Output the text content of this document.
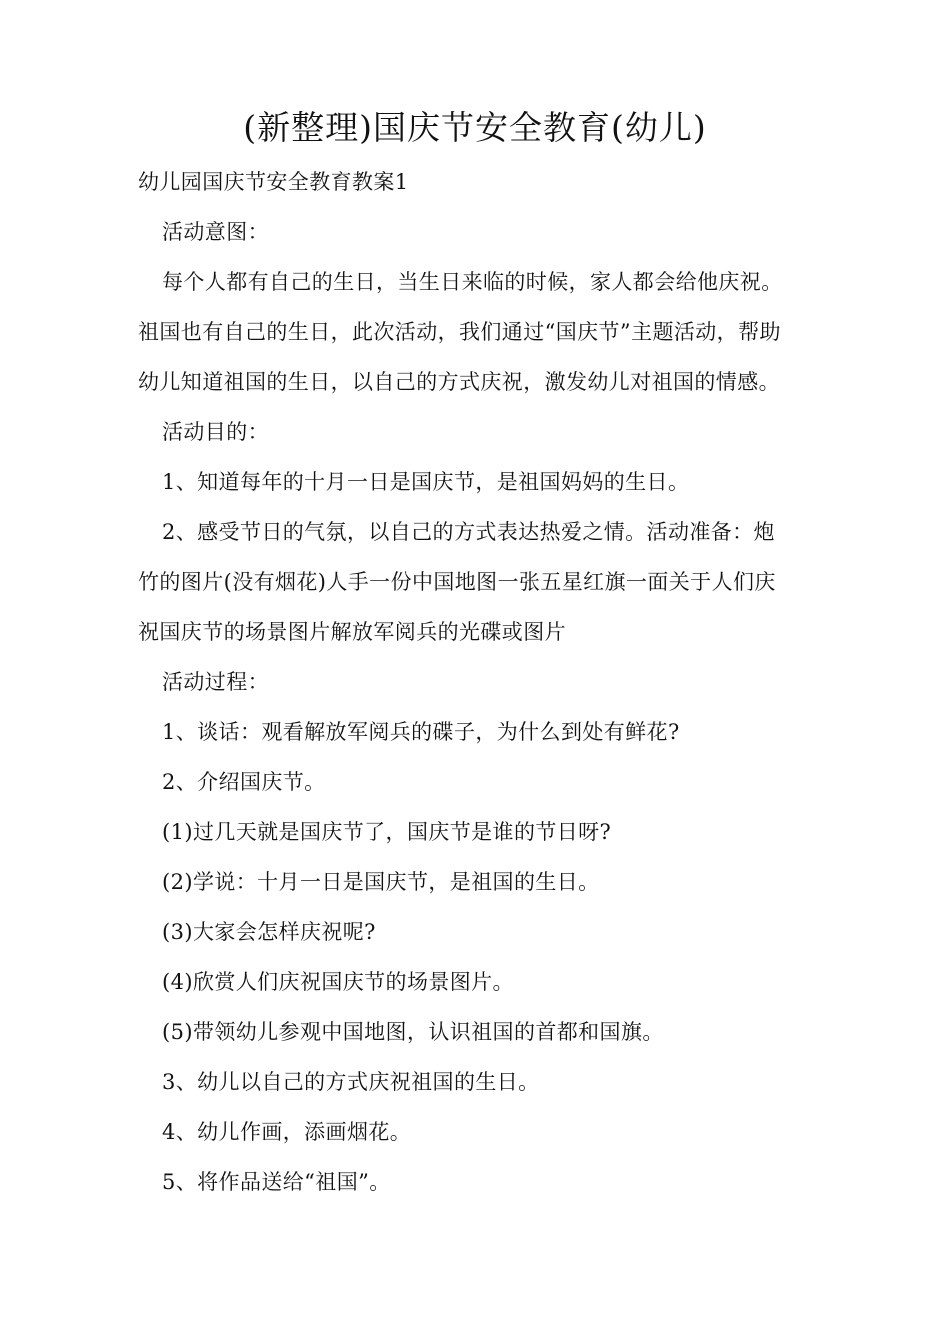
(新整理)国庆节安全教育(幼儿)
幼儿园国庆节安全教育教案1
活动意图：
每个人都有自己的生日，当生日来临的时候，家人都会给他庆祝。
祖国也有自己的生日，此次活动，我们通过“国庆节”主题活动，帮助
幼儿知道祖国的生日，以自己的方式庆祝，激发幼儿对祖国的情感。
活动目的：
1、知道每年的十月一日是国庆节，是祖国妈妈的生日。
2、感受节日的气氛，以自己的方式表达热爱之情。活动准备：炮
竹的图片(没有烟花)人手一份中国地图一张五星红旗一面关于人们庆
祝国庆节的场景图片解放军阅兵的光碟或图片
活动过程：
1、谈话：观看解放军阅兵的碟子，为什么到处有鲜花?
2、介绍国庆节。
(1)过几天就是国庆节了，国庆节是谁的节日呀?
(2)学说：十月一日是国庆节，是祖国的生日。
(3)大家会怎样庆祝呢?
(4)欣赏人们庆祝国庆节的场景图片。
(5)带领幼儿参观中国地图，认识祖国的首都和国旗。
3、幼儿以自己的方式庆祝祖国的生日。
4、幼儿作画，添画烟花。
5、将作品送给“祖国”。
